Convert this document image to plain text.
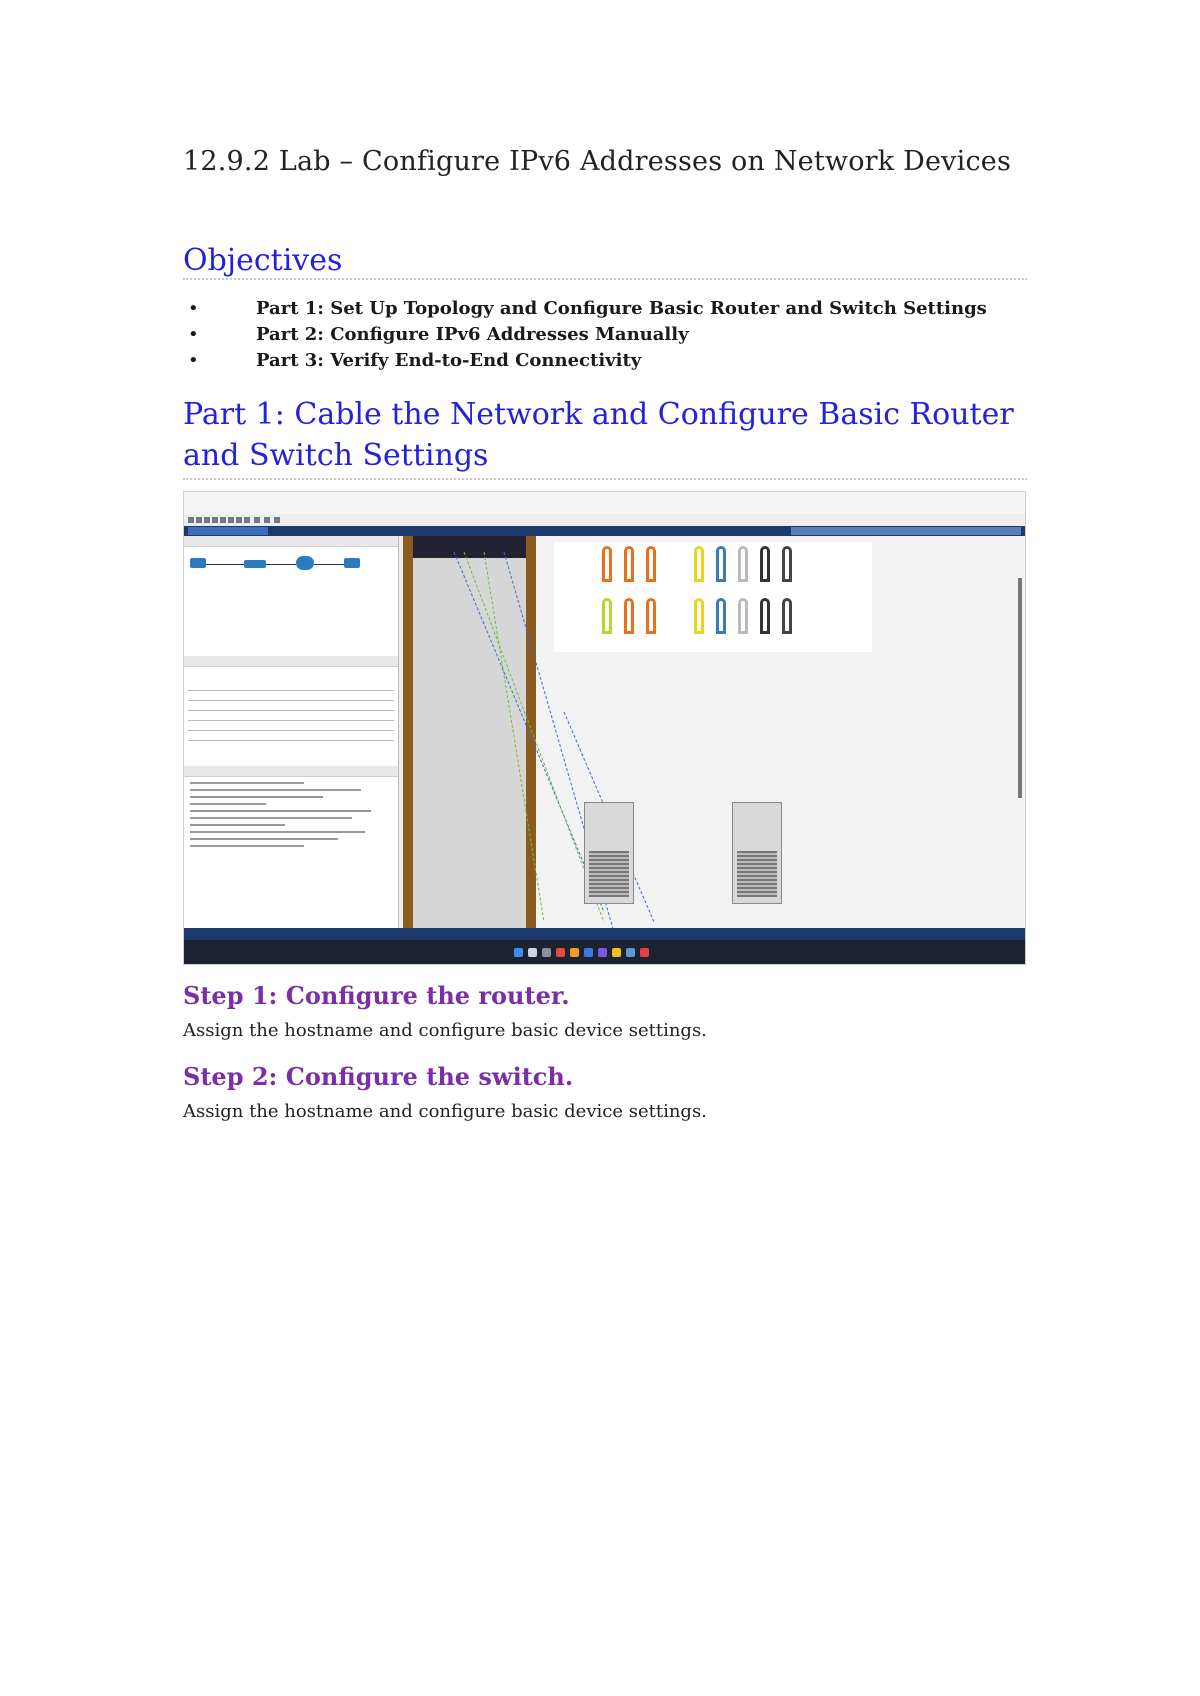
12.9.2 Lab – Configure IPv6 Addresses on Network Devices
Objectives
•	Part 1: Set Up Topology and Configure Basic Router and Switch Settings
•	Part 2: Configure IPv6 Addresses Manually
•	Part 3: Verify End-to-End Connectivity
Part 1: Cable the Network and Configure Basic Router
and Switch Settings
Step 1: Configure the router.
Assign the hostname and configure basic device settings.
Step 2: Configure the switch.
Assign the hostname and configure basic device settings.
